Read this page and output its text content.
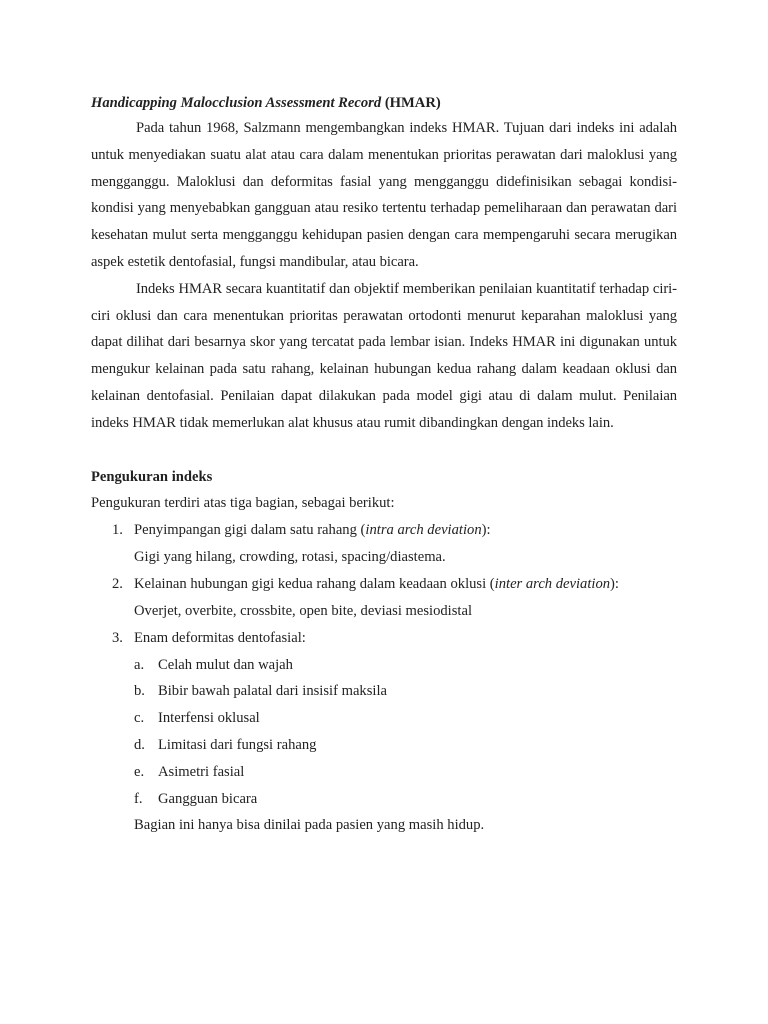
Handicapping Malocclusion Assessment Record (HMAR)

Pada tahun 1968, Salzmann mengembangkan indeks HMAR. Tujuan dari indeks ini adalah untuk menyediakan suatu alat atau cara dalam menentukan prioritas perawatan dari maloklusi yang mengganggu. Maloklusi dan deformitas fasial yang mengganggu didefinisikan sebagai kondisi-kondisi yang menyebabkan gangguan atau resiko tertentu terhadap pemeliharaan dan perawatan dari kesehatan mulut serta mengganggu kehidupan pasien dengan cara mempengaruhi secara merugikan aspek estetik dentofasial, fungsi mandibular, atau bicara.

Indeks HMAR secara kuantitatif dan objektif memberikan penilaian kuantitatif terhadap ciri-ciri oklusi dan cara menentukan prioritas perawatan ortodonti menurut keparahan maloklusi yang dapat dilihat dari besarnya skor yang tercatat pada lembar isian. Indeks HMAR ini digunakan untuk mengukur kelainan pada satu rahang, kelainan hubungan kedua rahang dalam keadaan oklusi dan kelainan dentofasial. Penilaian dapat dilakukan pada model gigi atau di dalam mulut. Penilaian indeks HMAR tidak memerlukan alat khusus atau rumit dibandingkan dengan indeks lain.

Pengukuran indeks

Pengukuran terdiri atas tiga bagian, sebagai berikut:

1. Penyimpangan gigi dalam satu rahang (intra arch deviation):
Gigi yang hilang, crowding, rotasi, spacing/diastema.
2. Kelainan hubungan gigi kedua rahang dalam keadaan oklusi (inter arch deviation):
Overjet, overbite, crossbite, open bite, deviasi mesiodistal
3. Enam deformitas dentofasial:
a. Celah mulut dan wajah
b. Bibir bawah palatal dari insisif maksila
c. Interfensi oklusal
d. Limitasi dari fungsi rahang
e. Asimetri fasial
f. Gangguan bicara
Bagian ini hanya bisa dinilai pada pasien yang masih hidup.
